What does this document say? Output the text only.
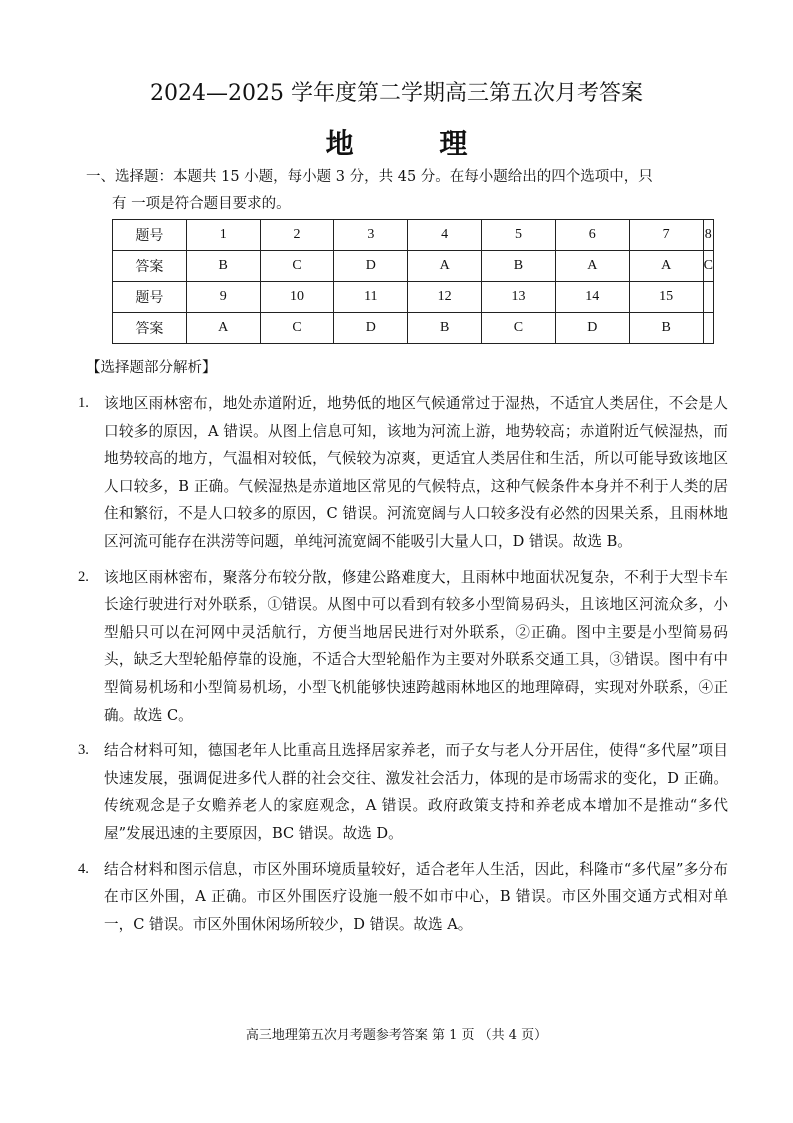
2024—2025 学年度第二学期高三第五次月考答案
地 理
一、选择题：本题共 15 小题，每小题 3 分，共 45 分。在每小题给出的四个选项中，只
有 一项是符合题目要求的。
题号	1	2	3	4	5	6	7	8
答案	B	C	D	A	B	A	A	C
题号	9	10	11	12	13	14	15	
答案	A	C	D	B	C	D	B	
【选择题部分解析】
1. 该地区雨林密布，地处赤道附近，地势低的地区气候通常过于湿热，不适宜人类居住，不会是人口较多的原因，A 错误。从图上信息可知，该地为河流上游，地势较高；赤道附近气候湿热，而地势较高的地方，气温相对较低，气候较为凉爽，更适宜人类居住和生活，所以可能导致该地区人口较多，B 正确。气候湿热是赤道地区常见的气候特点，这种气候条件本身并不利于人类的居住和繁衍，不是人口较多的原因，C 错误。河流宽阔与人口较多没有必然的因果关系，且雨林地区河流可能存在洪涝等问题，单纯河流宽阔不能吸引大量人口，D 错误。故选 B。
2. 该地区雨林密布，聚落分布较分散，修建公路难度大，且雨林中地面状况复杂，不利于大型卡车长途行驶进行对外联系，①错误。从图中可以看到有较多小型简易码头，且该地区河流众多，小型船只可以在河网中灵活航行，方便当地居民进行对外联系，②正确。图中主要是小型简易码头，缺乏大型轮船停靠的设施，不适合大型轮船作为主要对外联系交通工具，③错误。图中有中型简易机场和小型简易机场，小型飞机能够快速跨越雨林地区的地理障碍，实现对外联系，④正确。故选 C。
3. 结合材料可知，德国老年人比重高且选择居家养老，而子女与老人分开居住，使得“多代屋”项目快速发展，强调促进多代人群的社会交往、激发社会活力，体现的是市场需求的变化，D 正确。传统观念是子女赡养老人的家庭观念，A 错误。政府政策支持和养老成本增加不是推动“多代屋”发展迅速的主要原因，BC 错误。故选 D。
4. 结合材料和图示信息，市区外围环境质量较好，适合老年人生活，因此，科隆市“多代屋”多分布在市区外围，A 正确。市区外围医疗设施一般不如市中心，B 错误。市区外围交通方式相对单一，C 错误。市区外围休闲场所较少，D 错误。故选 A。
高三地理第五次月考题参考答案 第 1 页 （共 4 页）
